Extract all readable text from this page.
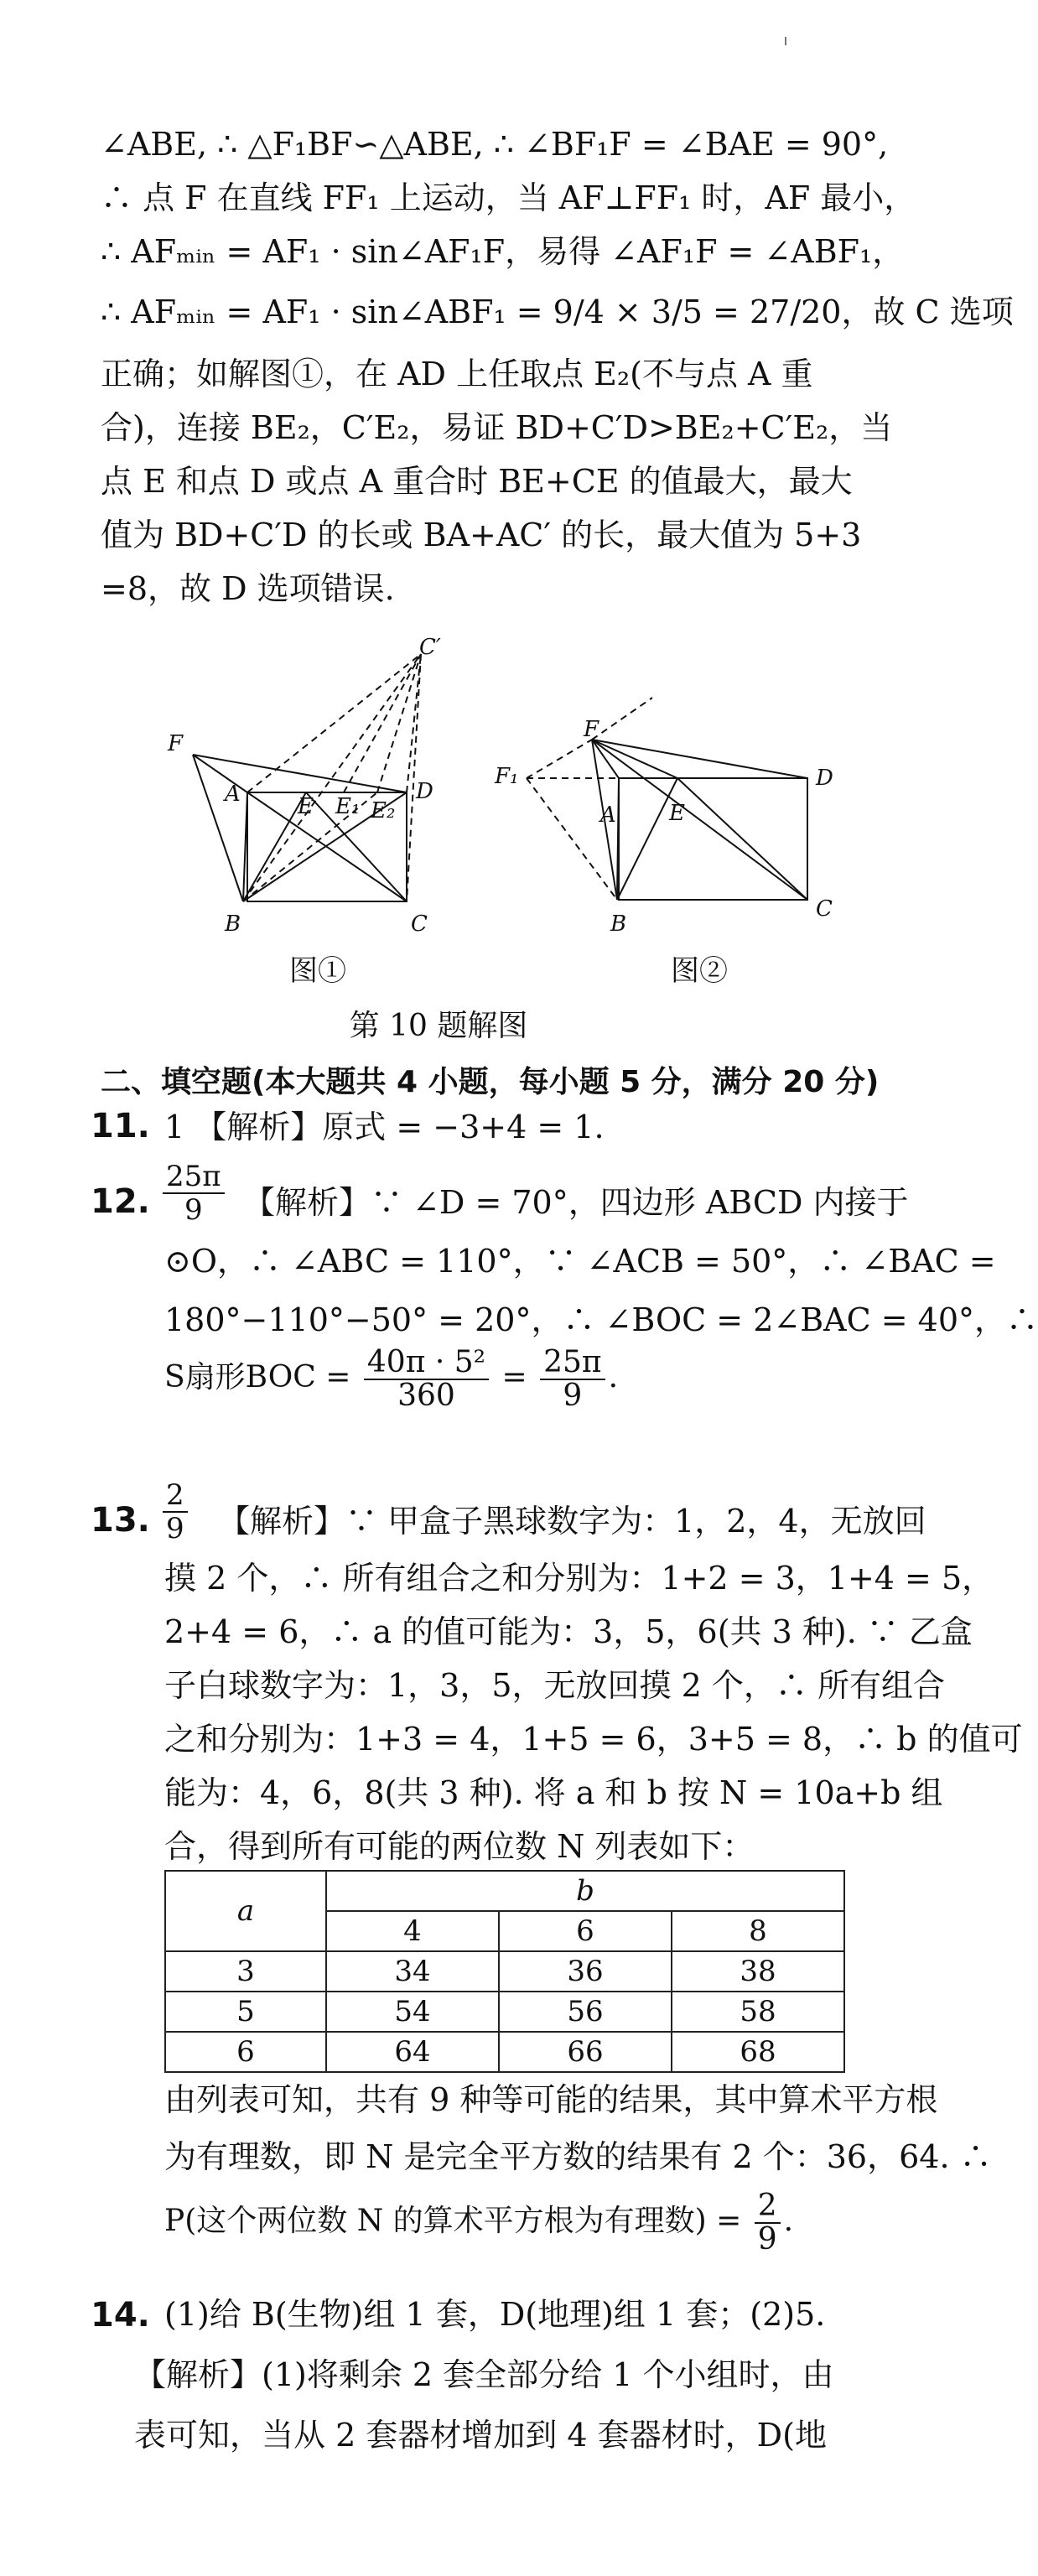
∠ABE, ∴ △F₁BF∽△ABE, ∴ ∠BF₁F = ∠BAE = 90°,
∴ 点 F 在直线 FF₁ 上运动，当 AF⊥FF₁ 时，AF 最小，
∴ AFₘᵢₙ = AF₁ · sin∠AF₁F，易得 ∠AF₁F = ∠ABF₁，
∴ AFₘᵢₙ = AF₁ · sin∠ABF₁ = 9/4 × 3/5 = 27/20，故 C 选项
正确；如解图①，在 AD 上任取点 E₂(不与点 A 重
合)，连接 BE₂，C′E₂，易证 BD+C′D>BE₂+C′E₂，当
点 E 和点 D 或点 A 重合时 BE+CE 的值最大，最大
值为 BD+C′D 的长或 BA+AC′ 的长，最大值为 5+3
=8，故 D 选项错误.
C′
F
A	E E₁ E₂
D
B	C
F₁
F
A E
D
B
C
图①	图②
第 10 题解图
二、填空题(本大题共 4 小题，每小题 5 分，满分 20 分)
11. 1 【解析】原式 = −3+4 = 1.
12. $\frac{25\pi}{9}$ 【解析】∵ ∠D = 70°，四边形 ABCD 内接于
⊙O，∴ ∠ABC = 110°，∵ ∠ACB = 50°，∴ ∠BAC =
180°−110°−50° = 20°，∴ ∠BOC = 2∠BAC = 40°，∴
S扇形BOC = $\frac{\text{40π · 5²}}{360} = \frac{25\pi}{9}$ .
13. $\frac{2}{9}$ 【解析】∵ 甲盒子黑球数字为：1，2，4，无放回
摸 2 个，∴ 所有组合之和分别为：1+2 = 3，1+4 = 5，
2+4 = 6，∴ a 的值可能为：3，5，6(共 3 种). ∵ 乙盒
子白球数字为：1，3，5，无放回摸 2 个，∴ 所有组合
之和分别为：1+3 = 4，1+5 = 6，3+5 = 8，∴ b 的值可
能为：4，6，8(共 3 种). 将 a 和 b 按 N = 10a+b 组
合，得到所有可能的两位数 N 列表如下：
a	b		
	4	6	8
3	34	36	38
5	54	56	58
6	64	66	68
由列表可知，共有 9 种等可能的结果，其中算术平方根
为有理数，即 N 是完全平方数的结果有 2 个：36，64. ∴
P(这个两位数 N 的算术平方根为有理数) = $\frac{2}{9}$ .
14. (1)给 B(生物)组 1 套，D(地理)组 1 套；(2)5.
【解析】(1)将剩余 2 套全部分给 1 个小组时，由
表可知，当从 2 套器材增加到 4 套器材时，D(地
